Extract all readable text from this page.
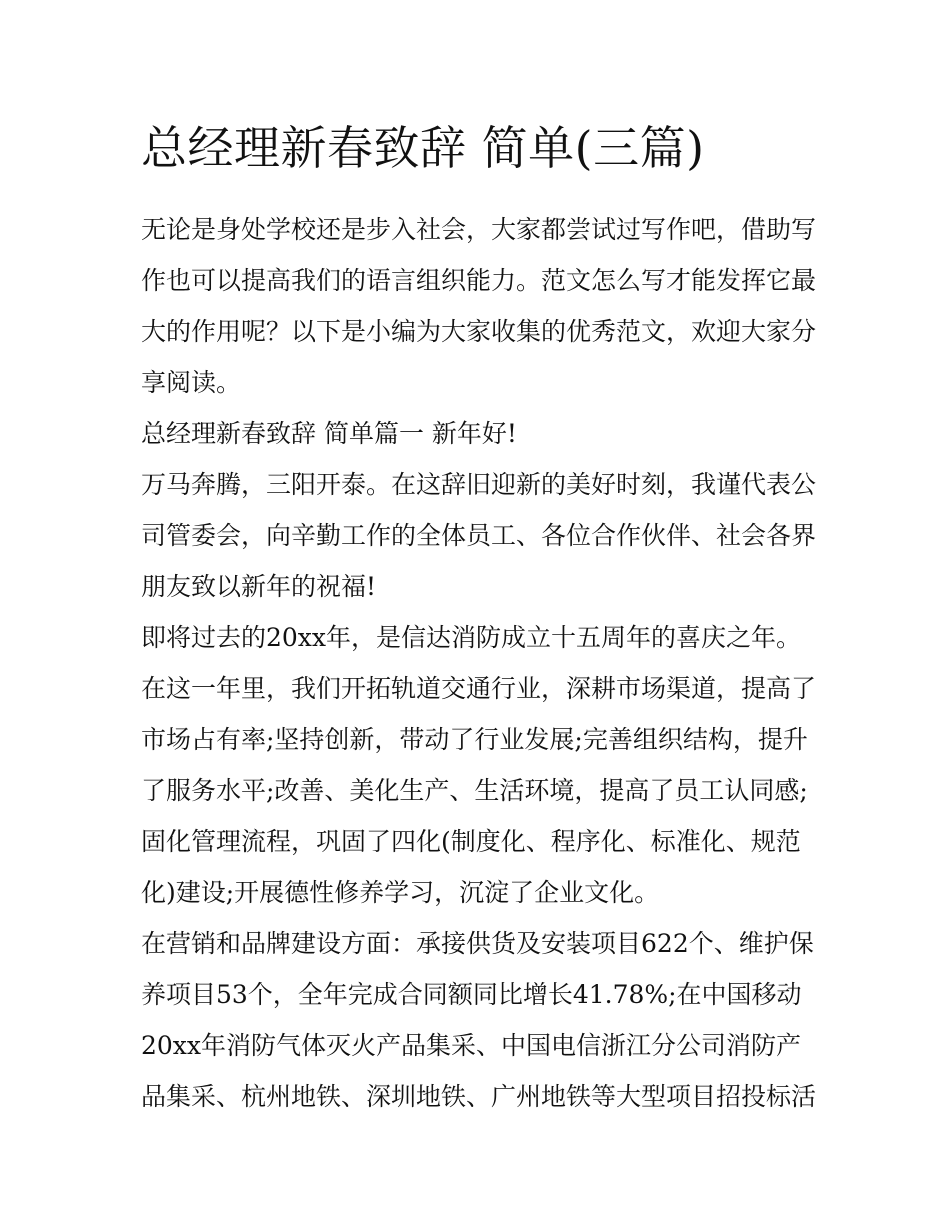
总经理新春致辞 简单(三篇)
无论是身处学校还是步入社会，大家都尝试过写作吧，借助写
作也可以提高我们的语言组织能力。范文怎么写才能发挥它最
大的作用呢？以下是小编为大家收集的优秀范文，欢迎大家分
享阅读。
总经理新春致辞 简单篇一 新年好!
万马奔腾，三阳开泰。在这辞旧迎新的美好时刻，我谨代表公
司管委会，向辛勤工作的全体员工、各位合作伙伴、社会各界
朋友致以新年的祝福!
即将过去的20xx年，是信达消防成立十五周年的喜庆之年。
在这一年里，我们开拓轨道交通行业，深耕市场渠道，提高了
市场占有率;坚持创新，带动了行业发展;完善组织结构，提升
了服务水平;改善、美化生产、生活环境，提高了员工认同感;
固化管理流程，巩固了四化(制度化、程序化、标准化、规范
化)建设;开展德性修养学习，沉淀了企业文化。
在营销和品牌建设方面：承接供货及安装项目622个、维护保
养项目53个，全年完成合同额同比增长41.78%;在中国移动
20xx年消防气体灭火产品集采、中国电信浙江分公司消防产
品集采、杭州地铁、深圳地铁、广州地铁等大型项目招投标活
